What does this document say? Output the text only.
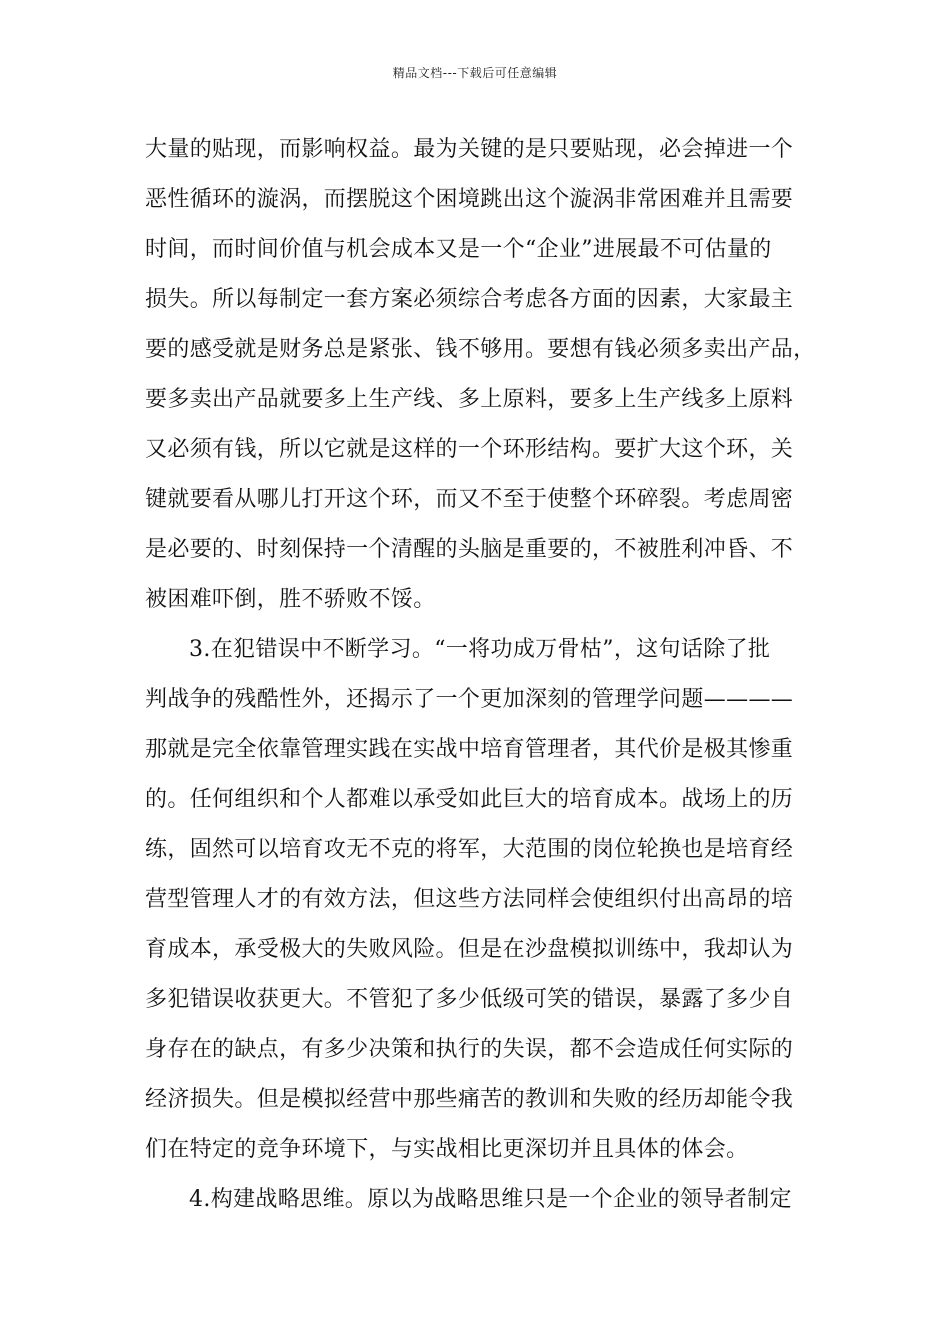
精品文档---下载后可任意编辑
大量的贴现，而影响权益。最为关键的是只要贴现，必会掉进一个
恶性循环的漩涡，而摆脱这个困境跳出这个漩涡非常困难并且需要
时间，而时间价值与机会成本又是一个“企业”进展最不可估量的
损失。所以每制定一套方案必须综合考虑各方面的因素，大家最主
要的感受就是财务总是紧张、钱不够用。要想有钱必须多卖出产品，
要多卖出产品就要多上生产线、多上原料，要多上生产线多上原料
又必须有钱，所以它就是这样的一个环形结构。要扩大这个环，关
键就要看从哪儿打开这个环，而又不至于使整个环碎裂。考虑周密
是必要的、时刻保持一个清醒的头脑是重要的，不被胜利冲昏、不
被困难吓倒，胜不骄败不馁。
3.在犯错误中不断学习。“一将功成万骨枯”，这句话除了批
判战争的残酷性外，还揭示了一个更加深刻的管理学问题————
那就是完全依靠管理实践在实战中培育管理者，其代价是极其惨重
的。任何组织和个人都难以承受如此巨大的培育成本。战场上的历
练，固然可以培育攻无不克的将军，大范围的岗位轮换也是培育经
营型管理人才的有效方法，但这些方法同样会使组织付出高昂的培
育成本，承受极大的失败风险。但是在沙盘模拟训练中，我却认为
多犯错误收获更大。不管犯了多少低级可笑的错误，暴露了多少自
身存在的缺点，有多少决策和执行的失误，都不会造成任何实际的
经济损失。但是模拟经营中那些痛苦的教训和失败的经历却能令我
们在特定的竞争环境下，与实战相比更深切并且具体的体会。
4.构建战略思维。原以为战略思维只是一个企业的领导者制定
